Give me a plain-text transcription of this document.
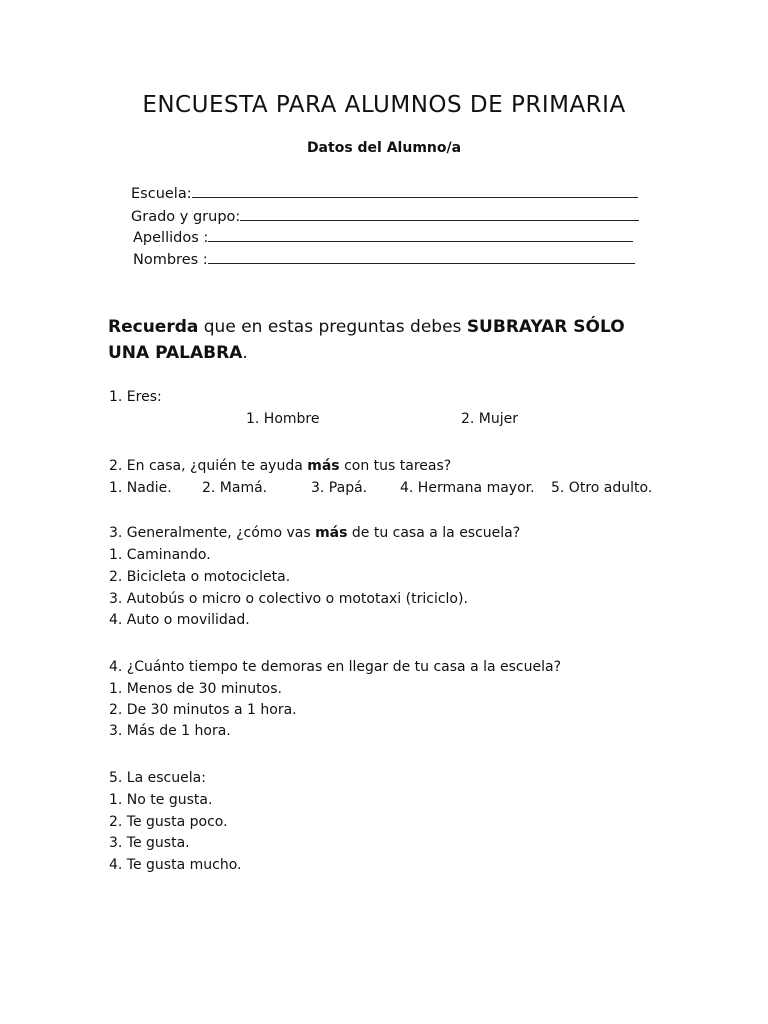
ENCUESTA PARA ALUMNOS DE PRIMARIA
Datos del Alumno/a
Escuela:
Grado y grupo:
Apellidos :
Nombres :
Recuerda que en estas preguntas debes SUBRAYAR SÓLO UNA PALABRA.
1. Eres:
1. Hombre	2. Mujer
2. En casa, ¿quién te ayuda más con tus tareas?
1. Nadie. 2. Mamá.	3. Papá. 4. Hermana mayor. 5. Otro adulto.
3. Generalmente, ¿cómo vas más de tu casa a la escuela?
1. Caminando.
2. Bicicleta o motocicleta.
3. Autobús o micro o colectivo o mototaxi (triciclo).
4. Auto o movilidad.
4. ¿Cuánto tiempo te demoras en llegar de tu casa a la escuela?
1. Menos de 30 minutos.
2. De 30 minutos a 1 hora.
3. Más de 1 hora.
5. La escuela:
1. No te gusta.
2. Te gusta poco.
3. Te gusta.
4. Te gusta mucho.
